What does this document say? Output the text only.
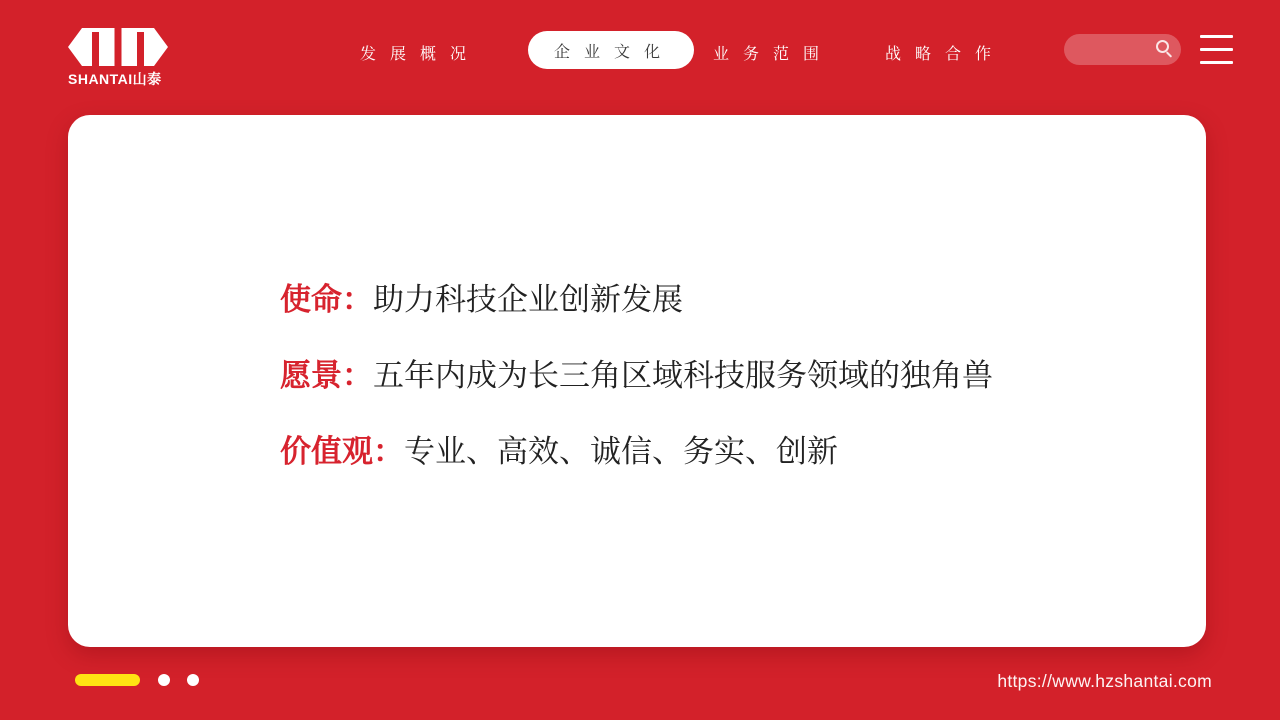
SHANTAI山泰
发展概况	企业文化 业务范围	战略合作
使命：助力科技企业创新发展
愿景：五年内成为长三角区域科技服务领域的独角兽
价值观：专业、高效、诚信、务实、创新
https://www.hzshantai.com
